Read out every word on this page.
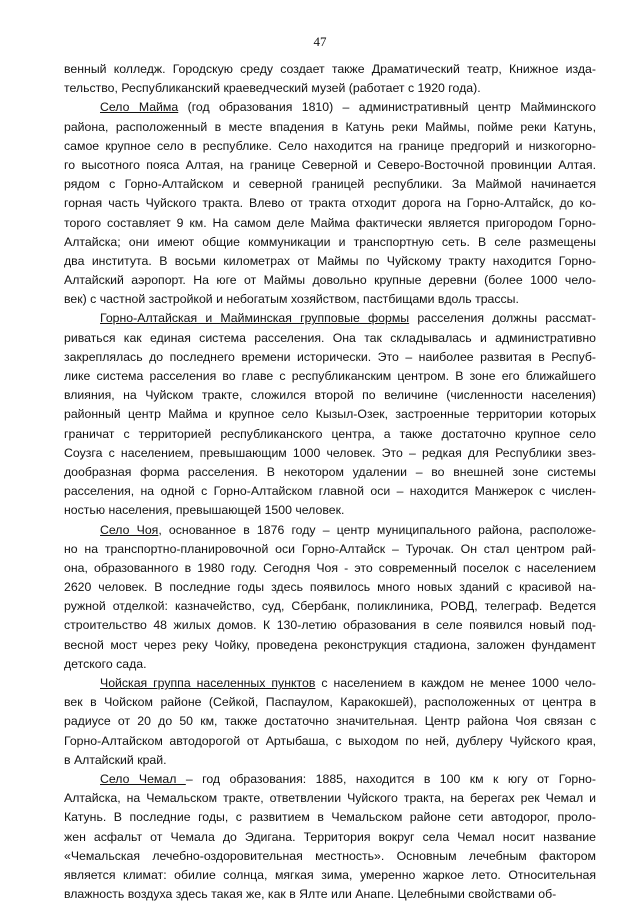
47
венный колледж. Городскую среду создает также Драматический театр, Книжное изда-
тельство, Республиканский краеведческий музей (работает с 1920 года).
Село Майма (год образования 1810) – административный центр Майминского
района, расположенный в месте впадения в Катунь реки Маймы, пойме реки Катунь,
самое крупное село в республике. Село находится на границе предгорий и низкогорно-
го высотного пояса Алтая, на границе Северной и Северо-Восточной провинции Алтая.
рядом с Горно-Алтайском и северной границей республики. За Маймой начинается
горная часть Чуйского тракта. Влево от тракта отходит дорога на Горно-Алтайск, до ко-
торого составляет 9 км. На самом деле Майма фактически является пригородом Горно-
Алтайска; они имеют общие коммуникации и транспортную сеть. В селе размещены
два института. В восьми километрах от Маймы по Чуйскому тракту находится Горно-
Алтайский аэропорт. На юге от Маймы довольно крупные деревни (более 1000 чело-
век) с частной застройкой и небогатым хозяйством, пастбищами вдоль трассы.
Горно-Алтайская и Майминская групповые формы расселения должны рассмат-
риваться как единая система расселения. Она так складывалась и административно
закреплялась до последнего времени исторически. Это – наиболее развитая в Респуб-
лике система расселения во главе с республиканским центром. В зоне его ближайшего
влияния, на Чуйском тракте, сложился второй по величине (численности населения)
районный центр Майма и крупное село Кызыл-Озек, застроенные территории которых
граничат с территорией республиканского центра, а также достаточно крупное село
Соузга с населением, превышающим 1000 человек. Это – редкая для Республики звез-
дообразная форма расселения. В некотором удалении – во внешней зоне системы
расселения, на одной с Горно-Алтайском главной оси – находится Манжерок с числен-
ностью населения, превышающей 1500 человек.
Село Чоя, основанное в 1876 году – центр муниципального района, расположе-
но на транспортно-планировочной оси Горно-Алтайск – Турочак. Он стал центром рай-
она, образованного в 1980 году. Сегодня Чоя - это современный поселок с населением
2620 человек. В последние годы здесь появилось много новых зданий с красивой на-
ружной отделкой: казначейство, суд, Сбербанк, поликлиника, РОВД, телеграф. Ведется
строительство 48 жилых домов. К 130-летию образования в селе появился новый под-
весной мост через реку Чойку, проведена реконструкция стадиона, заложен фундамент
детского сада.
Чойская группа населенных пунктов с населением в каждом не менее 1000 чело-
век в Чойском районе (Сейкой, Паспаулом, Каракокшей), расположенных от центра в
радиусе от 20 до 50 км, также достаточно значительная. Центр района Чоя связан с
Горно-Алтайском автодорогой от Артыбаша, с выходом по ней, дублеру Чуйского края,
в Алтайский край.
Село Чемал – год образования: 1885, находится в 100 км к югу от Горно-
Алтайска, на Чемальском тракте, ответвлении Чуйского тракта, на берегах рек Чемал и
Катунь. В последние годы, с развитием в Чемальском районе сети автодорог, проло-
жен асфальт от Чемала до Эдигана. Территория вокруг села Чемал носит название
«Чемальская лечебно-оздоровительная местность». Основным лечебным фактором
является климат: обилие солнца, мягкая зима, умеренно жаркое лето. Относительная
влажность воздуха здесь такая же, как в Ялте или Анапе. Целебными свойствами об-
